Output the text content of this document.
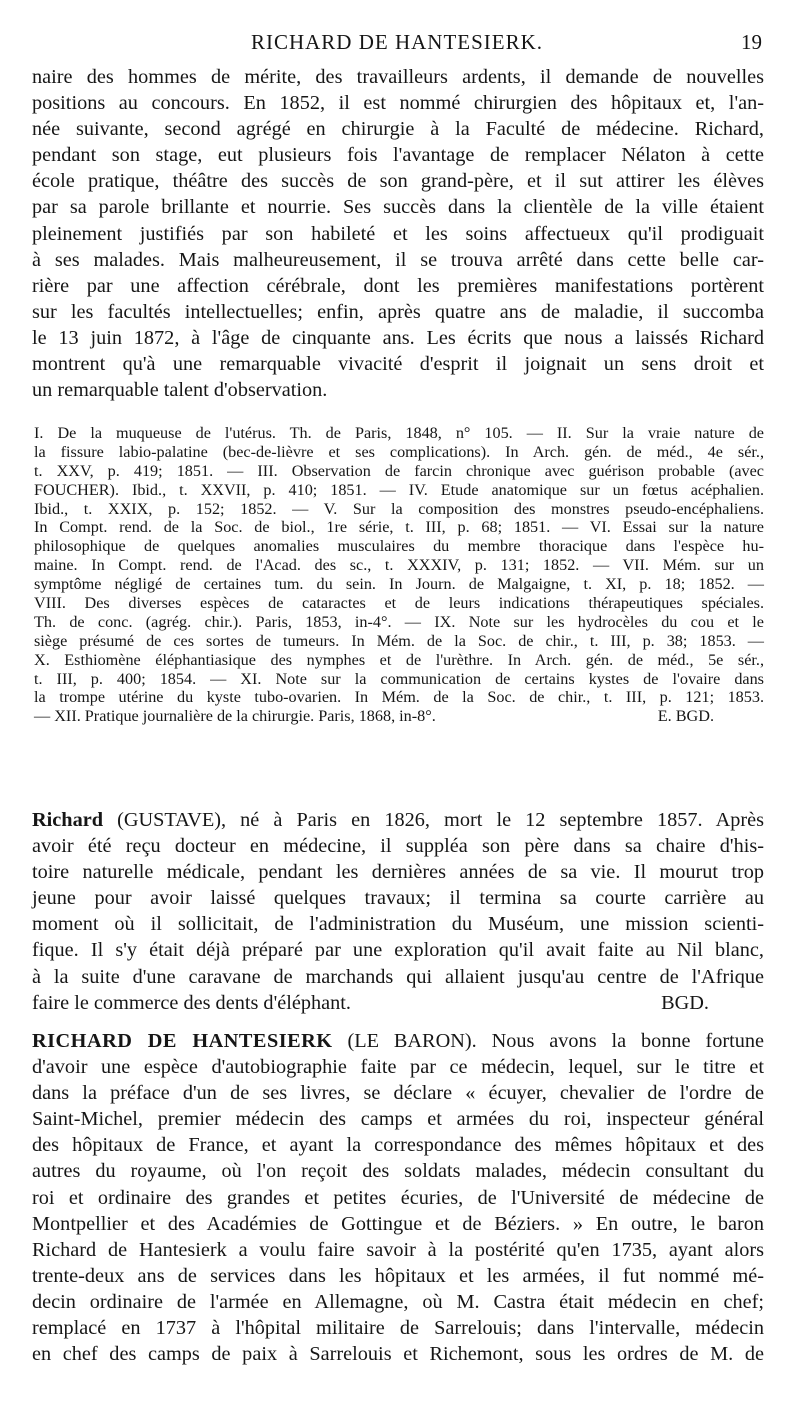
RICHARD DE HANTESIERK.	19
naire des hommes de mérite, des travailleurs ardents, il demande de nouvelles
positions au concours. En 1852, il est nommé chirurgien des hôpitaux et, l'an-
née suivante, second agrégé en chirurgie à la Faculté de médecine. Richard,
pendant son stage, eut plusieurs fois l'avantage de remplacer Nélaton à cette
école pratique, théâtre des succès de son grand-père, et il sut attirer les élèves
par sa parole brillante et nourrie. Ses succès dans la clientèle de la ville étaient
pleinement justifiés par son habileté et les soins affectueux qu'il prodiguait
à ses malades. Mais malheureusement, il se trouva arrêté dans cette belle car-
rière par une affection cérébrale, dont les premières manifestations portèrent
sur les facultés intellectuelles; enfin, après quatre ans de maladie, il succomba
le 13 juin 1872, à l'âge de cinquante ans. Les écrits que nous a laissés Richard
montrent qu'à une remarquable vivacité d'esprit il joignait un sens droit et
un remarquable talent d'observation.
I. De la muqueuse de l'utérus. Th. de Paris, 1848, n° 105. — II. Sur la vraie nature de
la fissure labio-palatine (bec-de-lièvre et ses complications). In Arch. gén. de méd., 4e sér.,
t. XXV, p. 419; 1851. — III. Observation de farcin chronique avec guérison probable (avec
FOUCHER). Ibid., t. XXVII, p. 410; 1851. — IV. Etude anatomique sur un fœtus acéphalien.
Ibid., t. XXIX, p. 152; 1852. — V. Sur la composition des monstres pseudo-encéphaliens.
In Compt. rend. de la Soc. de biol., 1re série, t. III, p. 68; 1851. — VI. Essai sur la nature
philosophique de quelques anomalies musculaires du membre thoracique dans l'espèce hu-
maine. In Compt. rend. de l'Acad. des sc., t. XXXIV, p. 131; 1852. — VII. Mém. sur un
symptôme négligé de certaines tum. du sein. In Journ. de Malgaigne, t. XI, p. 18; 1852. —
VIII. Des diverses espèces de cataractes et de leurs indications thérapeutiques spéciales.
Th. de conc. (agrég. chir.). Paris, 1853, in-4°. — IX. Note sur les hydrocèles du cou et le
siège présumé de ces sortes de tumeurs. In Mém. de la Soc. de chir., t. III, p. 38; 1853. —
X. Esthiomène éléphantiasique des nymphes et de l'urèthre. In Arch. gén. de méd., 5e sér.,
t. III, p. 400; 1854. — XI. Note sur la communication de certains kystes de l'ovaire dans
la trompe utérine du kyste tubo-ovarien. In Mém. de la Soc. de chir., t. III, p. 121; 1853.
— XII. Pratique journalière de la chirurgie. Paris, 1868, in-8°.	E. BGD.
Richard (GUSTAVE), né à Paris en 1826, mort le 12 septembre 1857. Après
avoir été reçu docteur en médecine, il suppléa son père dans sa chaire d'his-
toire naturelle médicale, pendant les dernières années de sa vie. Il mourut trop
jeune pour avoir laissé quelques travaux; il termina sa courte carrière au
moment où il sollicitait, de l'administration du Muséum, une mission scienti-
fique. Il s'y était déjà préparé par une exploration qu'il avait faite au Nil blanc,
à la suite d'une caravane de marchands qui allaient jusqu'au centre de l'Afrique
faire le commerce des dents d'éléphant.	BGD.
RICHARD DE HANTESIERK (LE BARON). Nous avons la bonne fortune
d'avoir une espèce d'autobiographie faite par ce médecin, lequel, sur le titre et
dans la préface d'un de ses livres, se déclare « écuyer, chevalier de l'ordre de
Saint-Michel, premier médecin des camps et armées du roi, inspecteur général
des hôpitaux de France, et ayant la correspondance des mêmes hôpitaux et des
autres du royaume, où l'on reçoit des soldats malades, médecin consultant du
roi et ordinaire des grandes et petites écuries, de l'Université de médecine de
Montpellier et des Académies de Gottingue et de Béziers. » En outre, le baron
Richard de Hantesierk a voulu faire savoir à la postérité qu'en 1735, ayant alors
trente-deux ans de services dans les hôpitaux et les armées, il fut nommé mé-
decin ordinaire de l'armée en Allemagne, où M. Castra était médecin en chef;
remplacé en 1737 à l'hôpital militaire de Sarrelouis; dans l'intervalle, médecin
en chef des camps de paix à Sarrelouis et Richemont, sous les ordres de M. de
